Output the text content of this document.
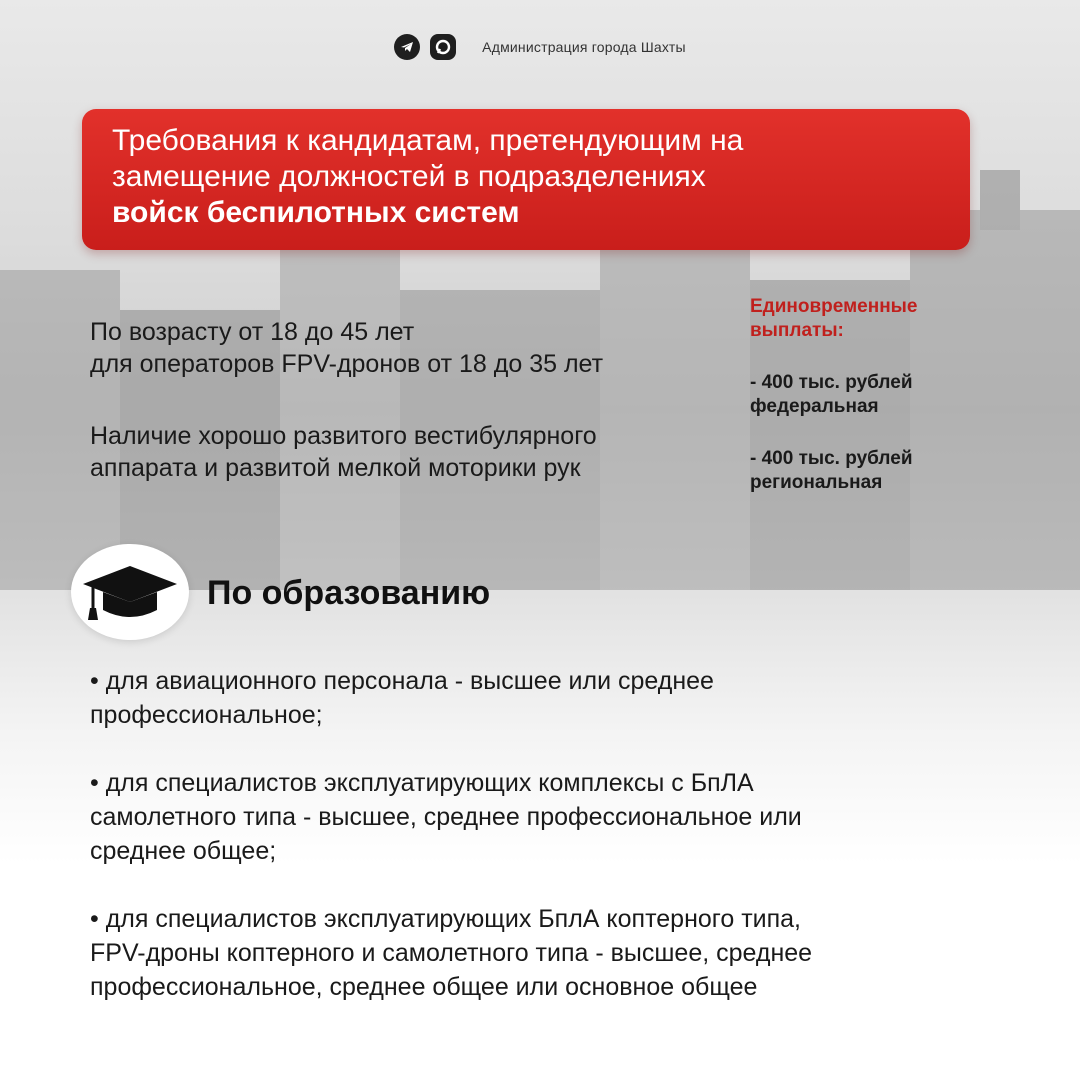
Администрация города Шахты
Требования к кандидатам, претендующим на
замещение должностей в подразделениях
войск беспилотных систем
По возрасту от 18 до 45 лет
для операторов FPV-дронов от 18 до 35 лет
Наличие хорошо развитого вестибулярного
аппарата и развитой мелкой моторики рук
Единовременные
выплаты:
- 400 тыс. рублей
федеральная
- 400 тыс. рублей
региональная
По образованию
• для авиационного персонала - высшее или среднее
профессиональное;
• для специалистов эксплуатирующих комплексы с БпЛА
самолетного типа - высшее, среднее профессиональное или
среднее общее;
• для специалистов эксплуатирующих БплА коптерного типа,
FPV-дроны коптерного и самолетного типа - высшее, среднее
профессиональное, среднее общее или основное общее
